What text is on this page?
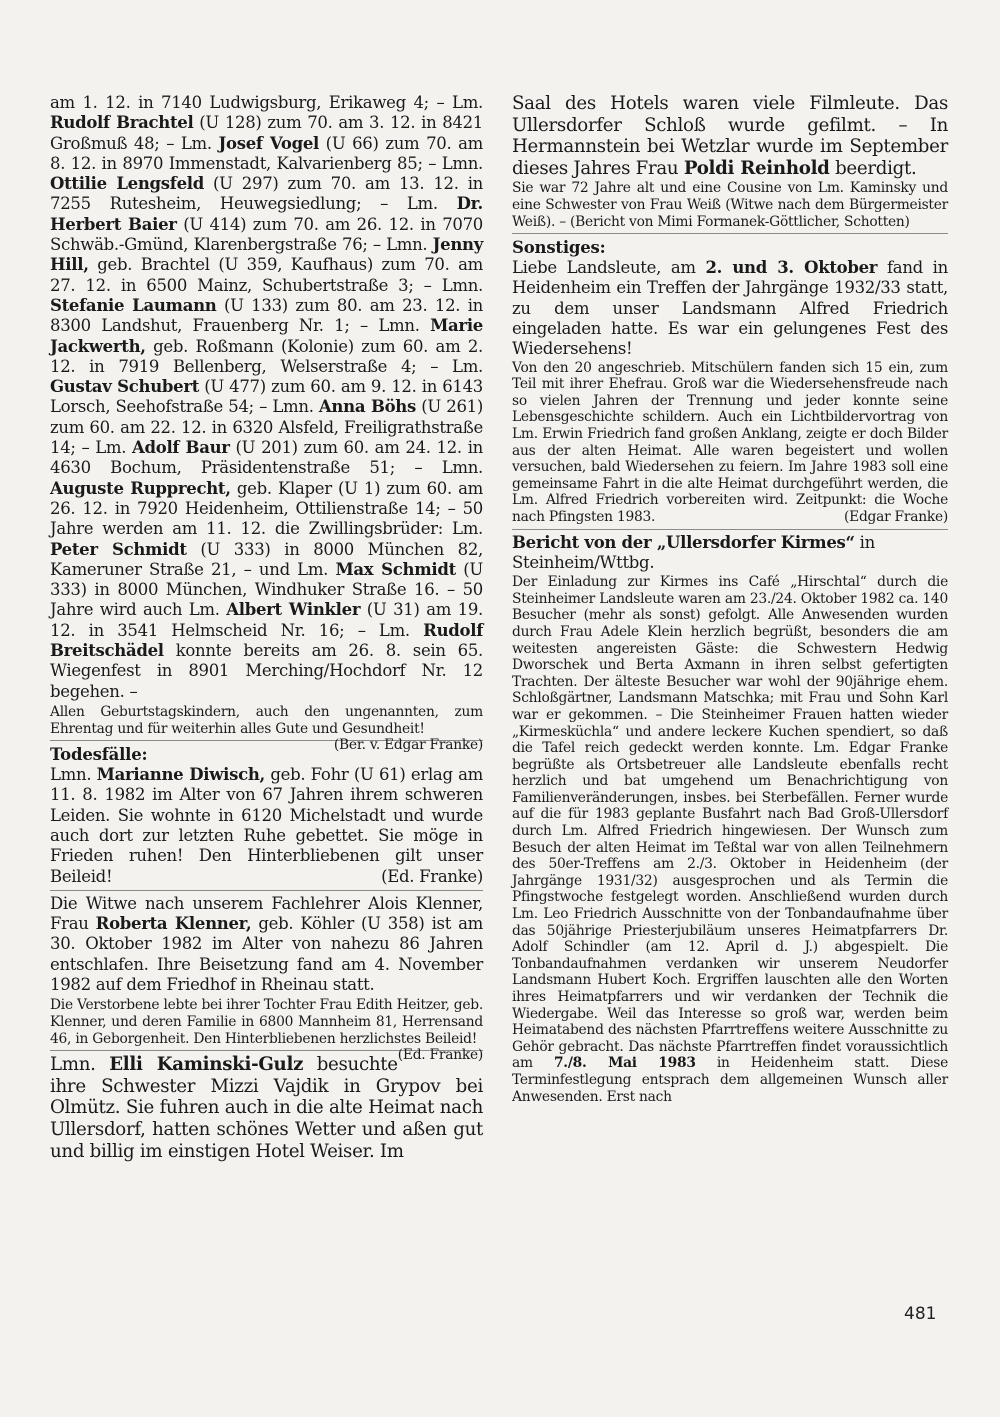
am 1. 12. in 7140 Ludwigsburg, Erikaweg 4; – Lm. Rudolf Brachtel (U 128) zum 70. am 3. 12. in 8421 Großmuß 48; – Lm. Josef Vogel (U 66) zum 70. am 8. 12. in 8970 Immenstadt, Kalvarienberg 85; – Lmn. Ottilie Lengsfeld (U 297) zum 70. am 13. 12. in 7255 Rutesheim, Heuwegsiedlung; – Lm. Dr. Herbert Baier (U 414) zum 70. am 26. 12. in 7070 Schwäb.-Gmünd, Klarenbergstraße 76; – Lmn. Jenny Hill, geb. Brachtel (U 359, Kaufhaus) zum 70. am 27. 12. in 6500 Mainz, Schubertstraße 3; – Lmn. Stefanie Laumann (U 133) zum 80. am 23. 12. in 8300 Landshut, Frauenberg Nr. 1; – Lmn. Marie Jackwerth, geb. Roßmann (Kolonie) zum 60. am 2. 12. in 7919 Bellenberg, Welserstraße 4; – Lm. Gustav Schubert (U 477) zum 60. am 9. 12. in 6143 Lorsch, Seehofstraße 54; – Lmn. Anna Böhs (U 261) zum 60. am 22. 12. in 6320 Alsfeld, Freiligrathstraße 14; – Lm. Adolf Baur (U 201) zum 60. am 24. 12. in 4630 Bochum, Präsidentenstraße 51; – Lmn. Auguste Rupprecht, geb. Klaper (U 1) zum 60. am 26. 12. in 7920 Heidenheim, Ottilienstraße 14; – 50 Jahre werden am 11. 12. die Zwillingsbrüder: Lm. Peter Schmidt (U 333) in 8000 München 82, Kameruner Straße 21, – und Lm. Max Schmidt (U 333) in 8000 München, Windhuker Straße 16. – 50 Jahre wird auch Lm. Albert Winkler (U 31) am 19. 12. in 3541 Helmscheid Nr. 16; – Lm. Rudolf Breitschädel konnte bereits am 26. 8. sein 65. Wiegenfest in 8901 Merching/Hochdorf Nr. 12 begehen. –

Allen Geburtstagskindern, auch den ungenannten, zum Ehrentag und für weiterhin alles Gute und Gesundheit!
(Ber. v. Edgar Franke)

Todesfälle:

Lmn. Marianne Diwisch, geb. Fohr (U 61) erlag am 11. 8. 1982 im Alter von 67 Jahren ihrem schweren Leiden. Sie wohnte in 6120 Michelstadt und wurde auch dort zur letzten Ruhe gebettet. Sie möge in Frieden ruhen! Den Hinterbliebenen gilt unser Beileid!	(Ed. Franke)

Die Witwe nach unserem Fachlehrer Alois Klenner, Frau Roberta Klenner, geb. Köhler (U 358) ist am 30. Oktober 1982 im Alter von nahezu 86 Jahren entschlafen. Ihre Beisetzung fand am 4. November 1982 auf dem Friedhof in Rheinau statt.

Die Verstorbene lebte bei ihrer Tochter Frau Edith Heitzer, geb. Klenner, und deren Familie in 6800 Mannheim 81, Herrensand 46, in Geborgenheit. Den Hinterbliebenen herzlichstes Beileid!
(Ed. Franke)

Lmn. Elli Kaminski-Gulz besuchte ihre Schwester Mizzi Vajdik in Grypov bei Olmütz. Sie fuhren auch in die alte Heimat nach Ullersdorf, hatten schönes Wetter und aßen gut und billig im einstigen Hotel Weiser. Im

Saal des Hotels waren viele Filmleute. Das Ullersdorfer Schloß wurde gefilmt. – In Hermannstein bei Wetzlar wurde im September dieses Jahres Frau Poldi Reinhold beerdigt.

Sie war 72 Jahre alt und eine Cousine von Lm. Kaminsky und eine Schwester von Frau Weiß (Witwe nach dem Bürgermeister Weiß). – (Bericht von Mimi Formanek-Göttlicher, Schotten)

Sonstiges:

Liebe Landsleute, am 2. und 3. Oktober fand in Heidenheim ein Treffen der Jahrgänge 1932/33 statt, zu dem unser Landsmann Alfred Friedrich eingeladen hatte. Es war ein gelungenes Fest des Wiedersehens!

Von den 20 angeschrieb. Mitschülern fanden sich 15 ein, zum Teil mit ihrer Ehefrau. Groß war die Wiedersehensfreude nach so vielen Jahren der Trennung und jeder konnte seine Lebensgeschichte schildern. Auch ein Lichtbildervortrag von Lm. Erwin Friedrich fand großen Anklang, zeigte er doch Bilder aus der alten Heimat. Alle waren begeistert und wollen versuchen, bald Wiedersehen zu feiern. Im Jahre 1983 soll eine gemeinsame Fahrt in die alte Heimat durchgeführt werden, die Lm. Alfred Friedrich vorbereiten wird. Zeitpunkt: die Woche nach Pfingsten 1983.	(Edgar Franke)

Bericht von der „Ullersdorfer Kirmes“ in Steinheim/Wttbg.

Der Einladung zur Kirmes ins Café „Hirschtal“ durch die Steinheimer Landsleute waren am 23./24. Oktober 1982 ca. 140 Besucher (mehr als sonst) gefolgt. Alle Anwesenden wurden durch Frau Adele Klein herzlich begrüßt, besonders die am weitesten angereisten Gäste: die Schwestern Hedwig Dworschek und Berta Axmann in ihren selbst gefertigten Trachten. Der älteste Besucher war wohl der 90jährige ehem. Schloßgärtner, Landsmann Matschka; mit Frau und Sohn Karl war er gekommen. – Die Steinheimer Frauen hatten wieder „Kirmesküchla“ und andere leckere Kuchen spendiert, so daß die Tafel reich gedeckt werden konnte. Lm. Edgar Franke begrüßte als Ortsbetreuer alle Landsleute ebenfalls recht herzlich und bat umgehend um Benachrichtigung von Familienveränderungen, insbes. bei Sterbefällen. Ferner wurde auf die für 1983 geplante Busfahrt nach Bad Groß-Ullersdorf durch Lm. Alfred Friedrich hingewiesen. Der Wunsch zum Besuch der alten Heimat im Teßtal war von allen Teilnehmern des 50er-Treffens am 2./3. Oktober in Heidenheim (der Jahrgänge 1931/32) ausgesprochen und als Termin die Pfingstwoche festgelegt worden. Anschließend wurden durch Lm. Leo Friedrich Ausschnitte von der Tonbandaufnahme über das 50jährige Priesterjubiläum unseres Heimatpfarrers Dr. Adolf Schindler (am 12. April d. J.) abgespielt. Die Tonbandaufnahmen verdanken wir unserem Neudorfer Landsmann Hubert Koch. Ergriffen lauschten alle den Worten ihres Heimatpfarrers und wir verdanken der Technik die Wiedergabe. Weil das Interesse so groß war, werden beim Heimatabend des nächsten Pfarrtreffens weitere Ausschnitte zu Gehör gebracht. Das nächste Pfarrtreffen findet voraussichtlich am 7./8. Mai 1983 in Heidenheim statt. Diese Terminfestlegung entsprach dem allgemeinen Wunsch aller Anwesenden. Erst nach

481
